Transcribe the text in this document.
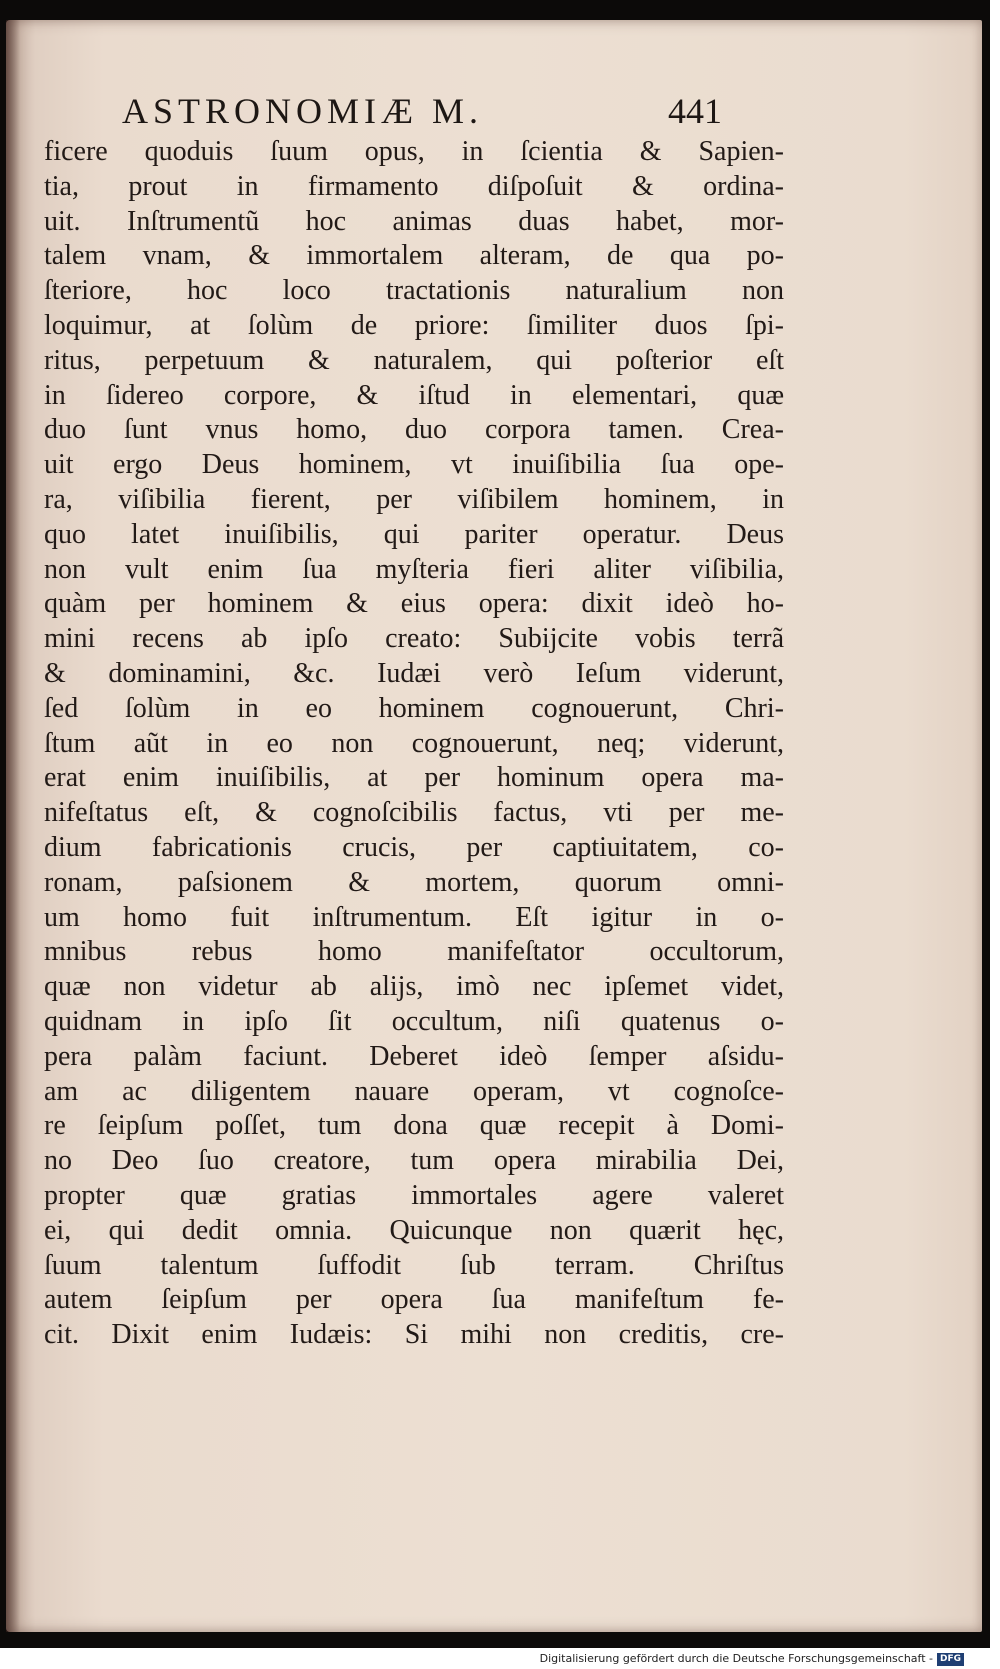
ASTRONOMIÆ M.	441
ficere quoduis ſuum opus, in ſcientia & Sapien-
tia, prout in firmamento diſpoſuit & ordina-
uit. Inſtrumentũ hoc animas duas habet, mor-
talem vnam, & immortalem alteram, de qua po-
ſteriore, hoc loco tractationis naturalium non
loquimur, at ſolùm de priore: ſimiliter duos ſpi-
ritus, perpetuum & naturalem, qui poſterior eſt
in ſidereo corpore, & iſtud in elementari, quæ
duo ſunt vnus homo, duo corpora tamen. Crea-
uit ergo Deus hominem, vt inuiſibilia ſua ope-
ra, viſibilia fierent, per viſibilem hominem, in
quo latet inuiſibilis, qui pariter operatur. Deus
non vult enim ſua myſteria fieri aliter viſibilia,
quàm per hominem & eius opera: dixit ideò ho-
mini recens ab ipſo creato: Subijcite vobis terrã
& dominamini, &c. Iudæi verò Ieſum viderunt,
ſed ſolùm in eo hominem cognouerunt, Chri-
ſtum aũt in eo non cognouerunt, neq; viderunt,
erat enim inuiſibilis, at per hominum opera ma-
nifeſtatus eſt, & cognoſcibilis factus, vti per me-
dium fabricationis crucis, per captiuitatem, co-
ronam, paſsionem & mortem, quorum omni-
um homo fuit inſtrumentum. Eſt igitur in o-
mnibus rebus homo manifeſtator occultorum,
quæ non videtur ab alijs, imò nec ipſemet videt,
quidnam in ipſo ſit occultum, niſi quatenus o-
pera palàm faciunt. Deberet ideò ſemper aſsidu-
am ac diligentem nauare operam, vt cognoſce-
re ſeipſum poſſet, tum dona quæ recepit à Domi-
no Deo ſuo creatore, tum opera mirabilia Dei,
propter quæ gratias immortales agere valeret
ei, qui dedit omnia. Quicunque non quærit hęc,
ſuum talentum ſuffodit ſub terram. Chriſtus
autem ſeipſum per opera ſua manifeſtum fe-
cit. Dixit enim Iudæis: Si mihi non creditis, cre-
Digitalisierung gefördert durch die Deutsche Forschungsgemeinschaft - DFG
